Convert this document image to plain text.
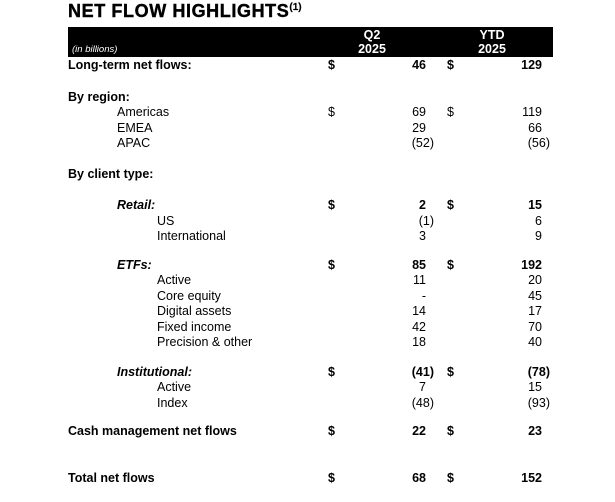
NET FLOW HIGHLIGHTS$^{(1)}$
(in billions)
Q2
2025
YTD
2025
Long-term net flows:	$	46	$	129
By region:
Americas	$	69	$	119
EMEA	29	66
APAC	(52)	(56)
By client type:
Retail:	$	2	$	15
US	(1)	6
International	3	9
ETFs:	$	85	$	192
Active	11	20
Core equity	-	45
Digital assets	14	17
Fixed income	42	70
Precision & other	18	40
Institutional:	$	(41) $	(78)
Active	7	15
Index	(48)	(93)
Cash management net flows	$	22	$	23
Total net flows	$	68	$	152
